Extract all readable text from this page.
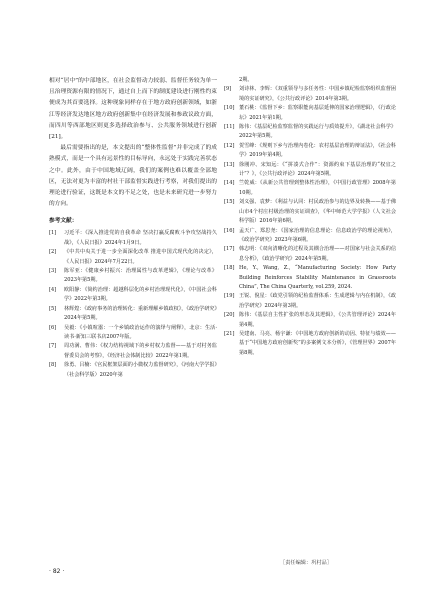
相对“居中”的中部地区，在社会监督动力较弱、监督任务较为单一且治理资源有限的情况下，通过自上而下的制度建设进行刚性约束便成为其首要选择。这种现象同样存在于地方政府创新领域，如浙江等经济发达地区地方政府创新集中在经济发展和参政议政方面，而四川等西部地区则更多选择政治参与、公共服务领域进行创新[21]。

最后需要指出的是，本文提出的“整体性监督”并非完成了的成熟模式，而是一个具有远景性的目标导向，永远处于实践完善状态之中。此外，由于中国地域辽阔，我们的案例也难以覆盖全部地区，无法对更为丰富的村社干部监督实践进行考察，对我们提出的理论进行验证，这既是本文的不足之处，也是未来研究进一步努力的方向。

参考文献：
[1]	习近平：《深入推进党的自我革命 坚决打赢反腐败斗争攻坚战持久战》，《人民日报》2024年1月9日。
[2]	《中共中央关于进一步全面深化改革 推进中国式现代化的决定》，《人民日报》2024年7月22日。
[3]	陈军亚：《健康乡村振兴：治理属性与改革逻辑》，《理论与改革》2023年第5期。
[4]	欧阳静：《简约治理：超越科层化的乡村治理现代化》，《中国社会科学》2022年第3期。
[5]	林辉煌：《政府事务的治理转化：重新理解乡镇政权》，《政治学研究》2024年第5期。
[6]	吴毅：《小镇喧嚣：一个乡镇政治运作的演绎与阐释》，北京：生活·读书·新知三联书店2007年版。
[7]	周功满、曹伟：《权力结构视域下的乡村权力监督——基于对村务监督委员会的考察》，《经济社会体制比较》2022年第1期。
[8]	徐勇、吕楠：《官民框架层面的小微权力监督研究》，《河南大学学报》（社会科学版）2020年第
2期。
[9]	刘诗林、李辉：《双重领导与多任务性：中国乡镇纪检监察组织监督困境的实证研究》，《公共行政评论》2014年第3期。
[10] 董石桃：《监督下乡：监察职能向基层延伸的国家治理逻辑》，《行政论坛》2021年第1期。
[11] 陈伟：《基层纪检监察监督的实践运行与质效提升》，《湖北社会科学》2022年第5期。
[12] 贺雪峰：《规则下乡与治理内卷化：农村基层治理的辩证法》，《社会科学》2019年第4期。
[13] 徐刚冲、宋知远：《“拼凑式合作”：资源约束下基层治理的“权宜之计”？》，《公共行政评论》2024年第5期。
[14] 竺乾威：《从新公共管理到整体性治理》，《中国行政管理》2008年第10期。
[15] 刘义强、袁梦：《利益与认同：村民政治参与的边界及转换——基于佛山市4个村庄村级治理的实证调查》，《华中师范大学学报》（人文社会科学版）2016年第6期。
[16] 孟天广、郑思尧：《国家治理的信息理论：信息政治学的理论视角》，《政治学研究》2023年第6期。
[17] 韩志明：《双向清晰化的过程及其耦合治理——对国家与社会关系的信息分析》，《政治学研究》2024年第5期。
[18] He, Y., Wang, Z., “Manufacturing Society: How Party Building Reinforces Stability Maintenance in Grassroots China”, The China Quarterly, vol.259, 2024.
[19] 王锐、倪星：《政党引领的纪检监督体系：生成逻辑与内在机制》，《政治学研究》2024年第3期。
[20] 陈伟：《基层自主性扩张的形态及其逻辑》，《公共管理评论》2024年第4期。
[21] 吴建南、马亮、杨宇谦：《中国地方政府创新的动因、特征与绩效——基于“中国地方政府创新奖”的多案例文本分析》，《管理世界》2007年第8期。
［责任编辑：巩村品］
· 82 ·
